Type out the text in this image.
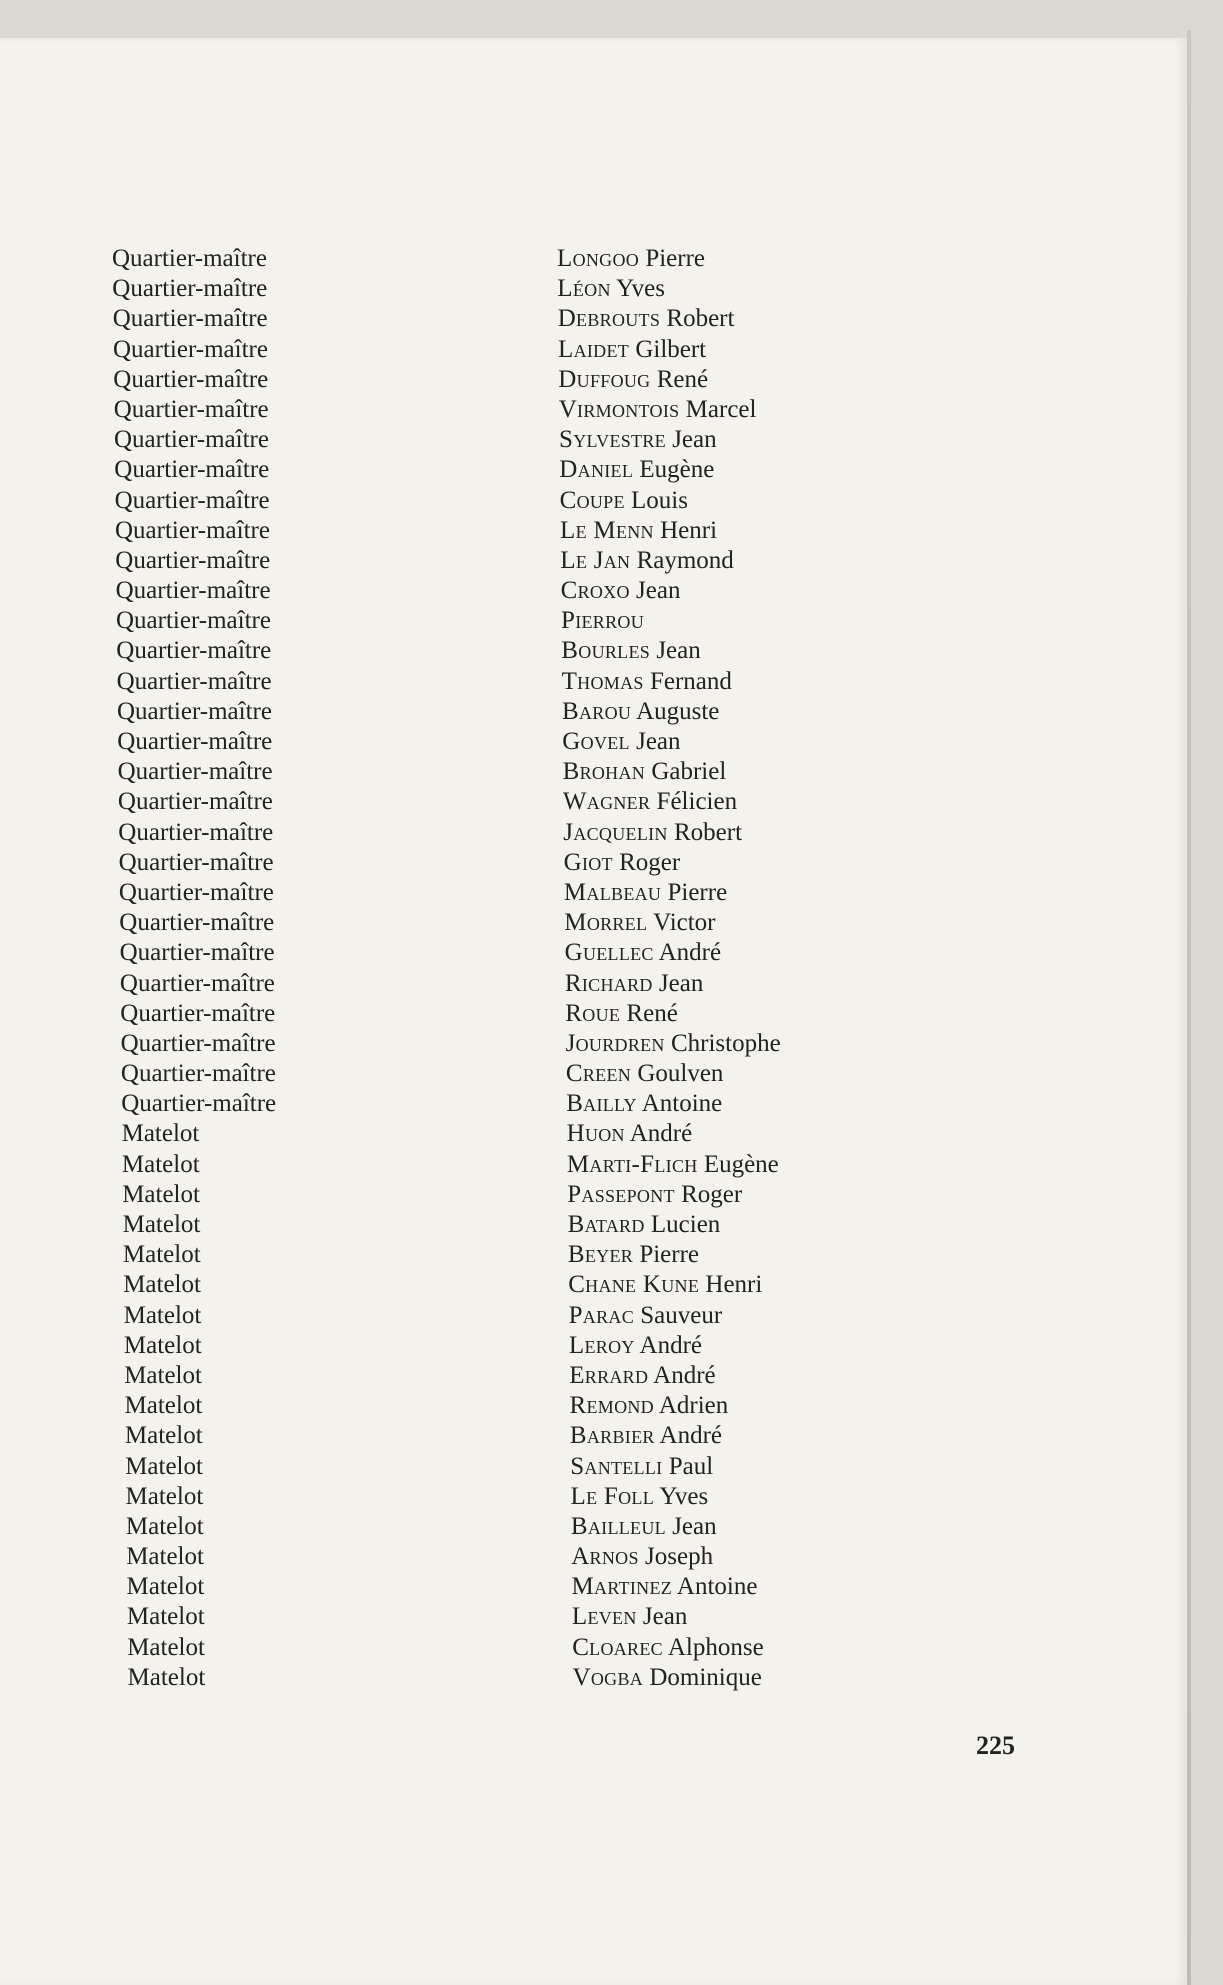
Quartier-maître	Longoo Pierre
Quartier-maître	Léon Yves
Quartier-maître	Debrouts Robert
Quartier-maître	Laidet Gilbert
Quartier-maître	Duffoug René
Quartier-maître	Virmontois Marcel
Quartier-maître	Sylvestre Jean
Quartier-maître	Daniel Eugène
Quartier-maître	Coupe Louis
Quartier-maître	Le Menn Henri
Quartier-maître	Le Jan Raymond
Quartier-maître	Croxo Jean
Quartier-maître	Pierrou
Quartier-maître	Bourles Jean
Quartier-maître	Thomas Fernand
Quartier-maître	Barou Auguste
Quartier-maître	Govel Jean
Quartier-maître	Brohan Gabriel
Quartier-maître	Wagner Félicien
Quartier-maître	Jacquelin Robert
Quartier-maître	Giot Roger
Quartier-maître	Malbeau Pierre
Quartier-maître	Morrel Victor
Quartier-maître	Guellec André
Quartier-maître	Richard Jean
Quartier-maître	Roue René
Quartier-maître	Jourdren Christophe
Quartier-maître	Creen Goulven
Quartier-maître	Bailly Antoine
Matelot	Huon André
Matelot	Marti-Flich Eugène
Matelot	Passepont Roger
Matelot	Batard Lucien
Matelot	Beyer Pierre
Matelot	Chane Kune Henri
Matelot	Parac Sauveur
Matelot	Leroy André
Matelot	Errard André
Matelot	Remond Adrien
Matelot	Barbier André
Matelot	Santelli Paul
Matelot	Le Foll Yves
Matelot	Bailleul Jean
Matelot	Arnos Joseph
Matelot	Martinez Antoine
Matelot	Leven Jean
Matelot	Cloarec Alphonse
Matelot	Vogba Dominique
225
